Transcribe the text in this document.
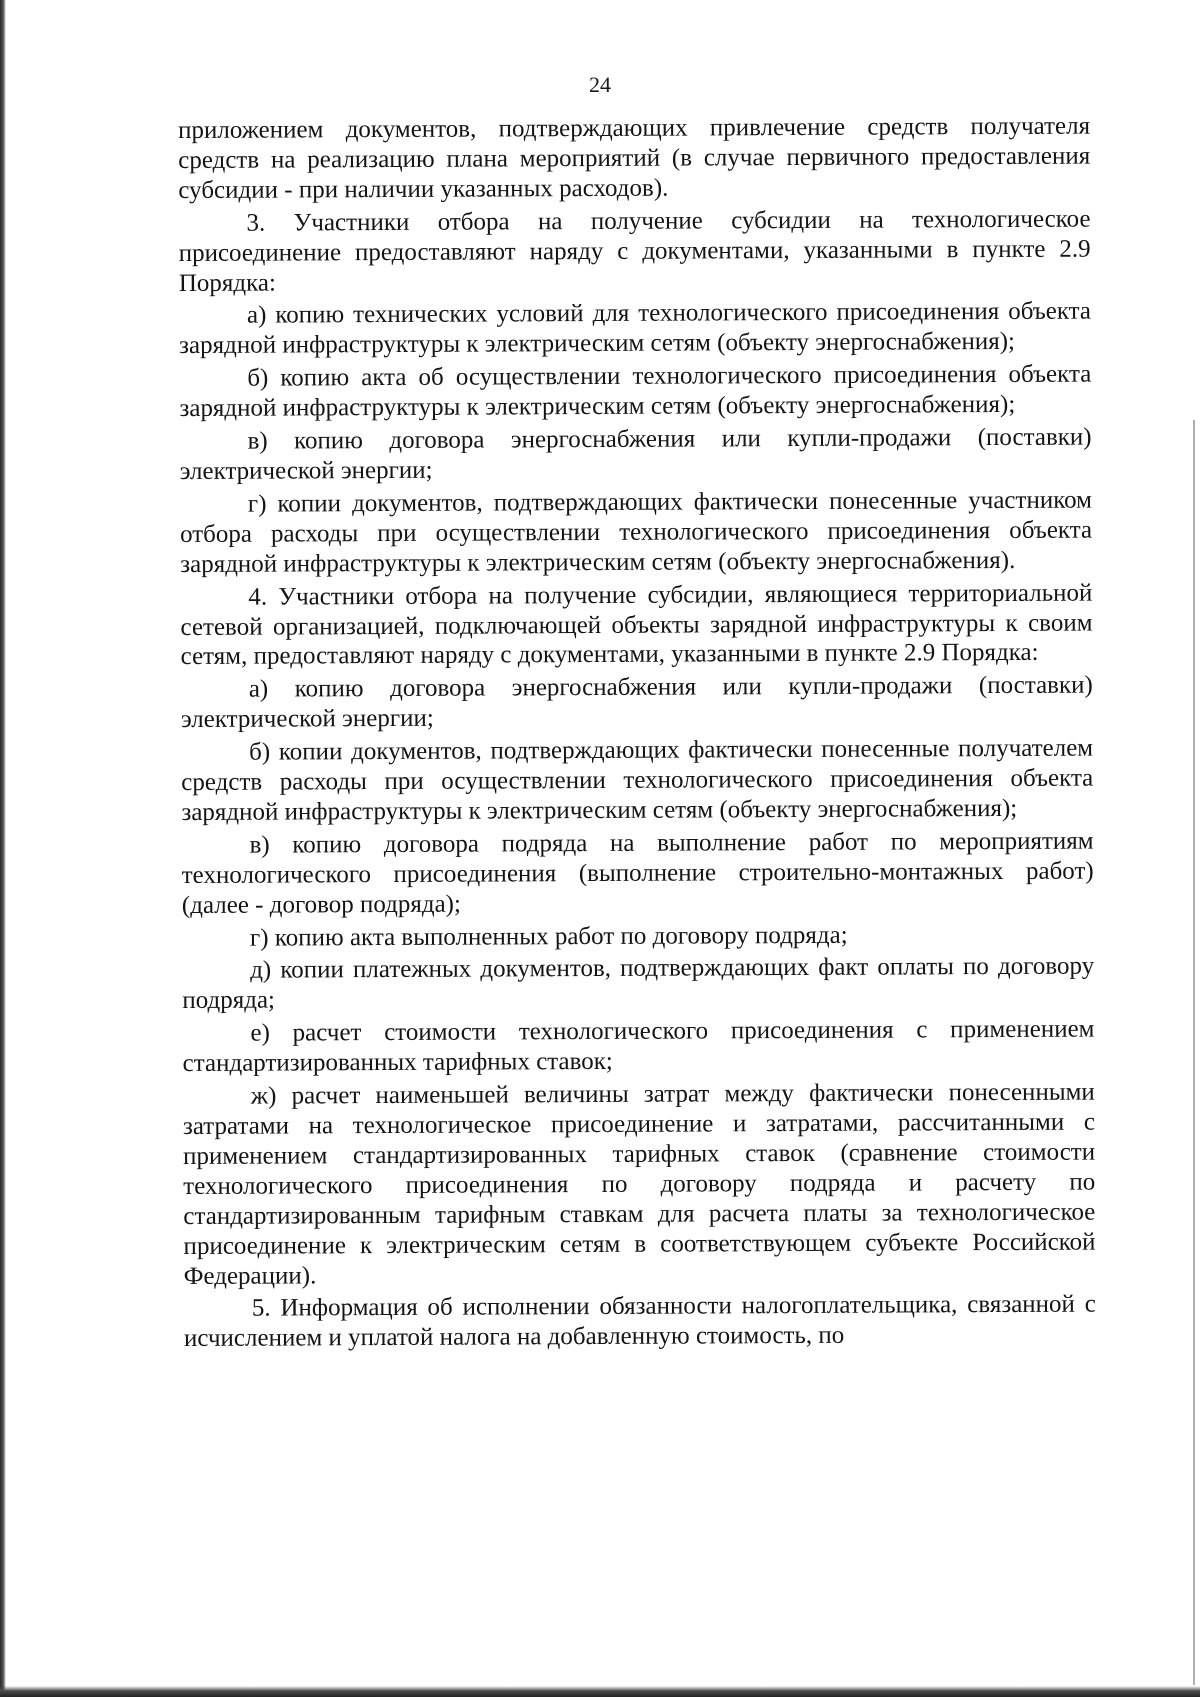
24

приложением документов, подтверждающих привлечение средств получателя средств на реализацию плана мероприятий (в случае первичного предоставления субсидии - при наличии указанных расходов).

3. Участники отбора на получение субсидии на технологическое присоединение предоставляют наряду с документами, указанными в пункте 2.9 Порядка:

а) копию технических условий для технологического присоединения объекта зарядной инфраструктуры к электрическим сетям (объекту энергоснабжения);

б) копию акта об осуществлении технологического присоединения объекта зарядной инфраструктуры к электрическим сетям (объекту энергоснабжения);

в) копию договора энергоснабжения или купли-продажи (поставки) электрической энергии;

г) копии документов, подтверждающих фактически понесенные участником отбора расходы при осуществлении технологического присоединения объекта зарядной инфраструктуры к электрическим сетям (объекту энергоснабжения).

4. Участники отбора на получение субсидии, являющиеся территориальной сетевой организацией, подключающей объекты зарядной инфраструктуры к своим сетям, предоставляют наряду с документами, указанными в пункте 2.9 Порядка:

а) копию договора энергоснабжения или купли-продажи (поставки) электрической энергии;

б) копии документов, подтверждающих фактически понесенные получателем средств расходы при осуществлении технологического присоединения объекта зарядной инфраструктуры к электрическим сетям (объекту энергоснабжения);

в) копию договора подряда на выполнение работ по мероприятиям технологического присоединения (выполнение строительно-монтажных работ) (далее - договор подряда);

г) копию акта выполненных работ по договору подряда;

д) копии платежных документов, подтверждающих факт оплаты по договору подряда;

е) расчет стоимости технологического присоединения с применением стандартизированных тарифных ставок;

ж) расчет наименьшей величины затрат между фактически понесенными затратами на технологическое присоединение и затратами, рассчитанными с применением стандартизированных тарифных ставок (сравнение стоимости технологического присоединения по договору подряда и расчету по стандартизированным тарифным ставкам для расчета платы за технологическое присоединение к электрическим сетям в соответствующем субъекте Российской Федерации).

5. Информация об исполнении обязанности налогоплательщика, связанной с исчислением и уплатой налога на добавленную стоимость, по
